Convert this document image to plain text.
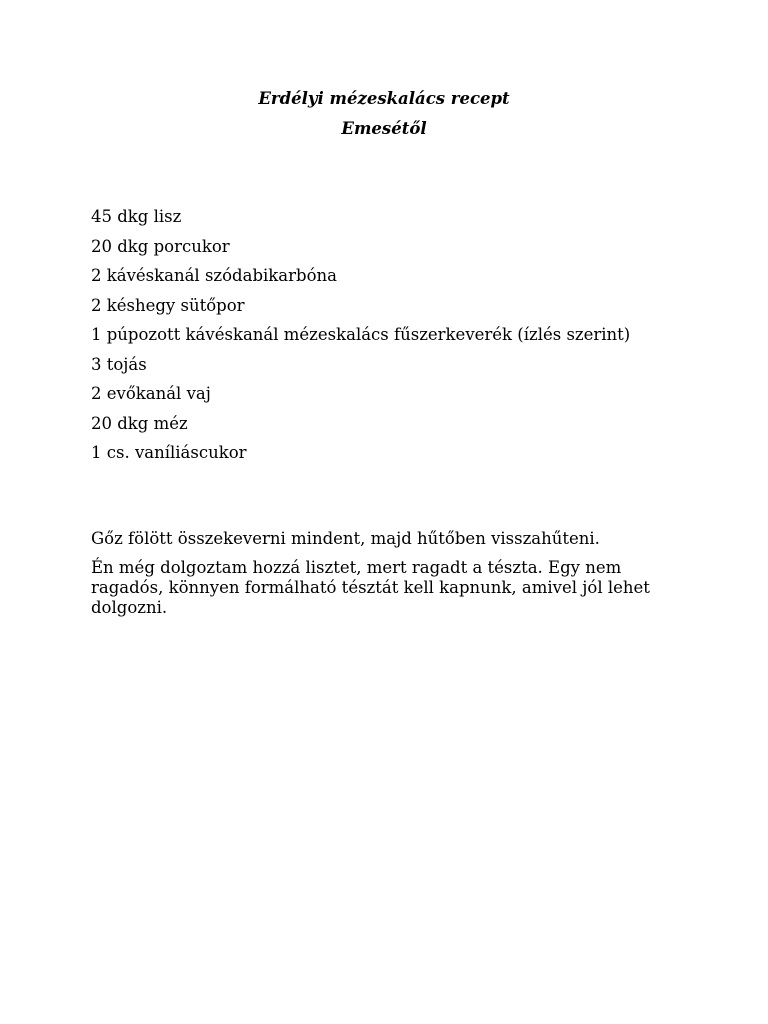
Erdélyi mézeskalács recept
Emesétől
45 dkg lisz
20 dkg porcukor
2 kávéskanál szódabikarbóna
2 késhegy sütőpor
1 púpozott kávéskanál mézeskalács fűszerkeverék (ízlés szerint)
3 tojás
2 evőkanál vaj
20 dkg méz
1 cs. vaníliáscukor

Gőz fölött összekeverni mindent, majd hűtőben visszahűteni.

Én még dolgoztam hozzá lisztet, mert ragadt a tészta. Egy nem ragadós, könnyen formálható tésztát kell kapnunk, amivel jól lehet dolgozni.
